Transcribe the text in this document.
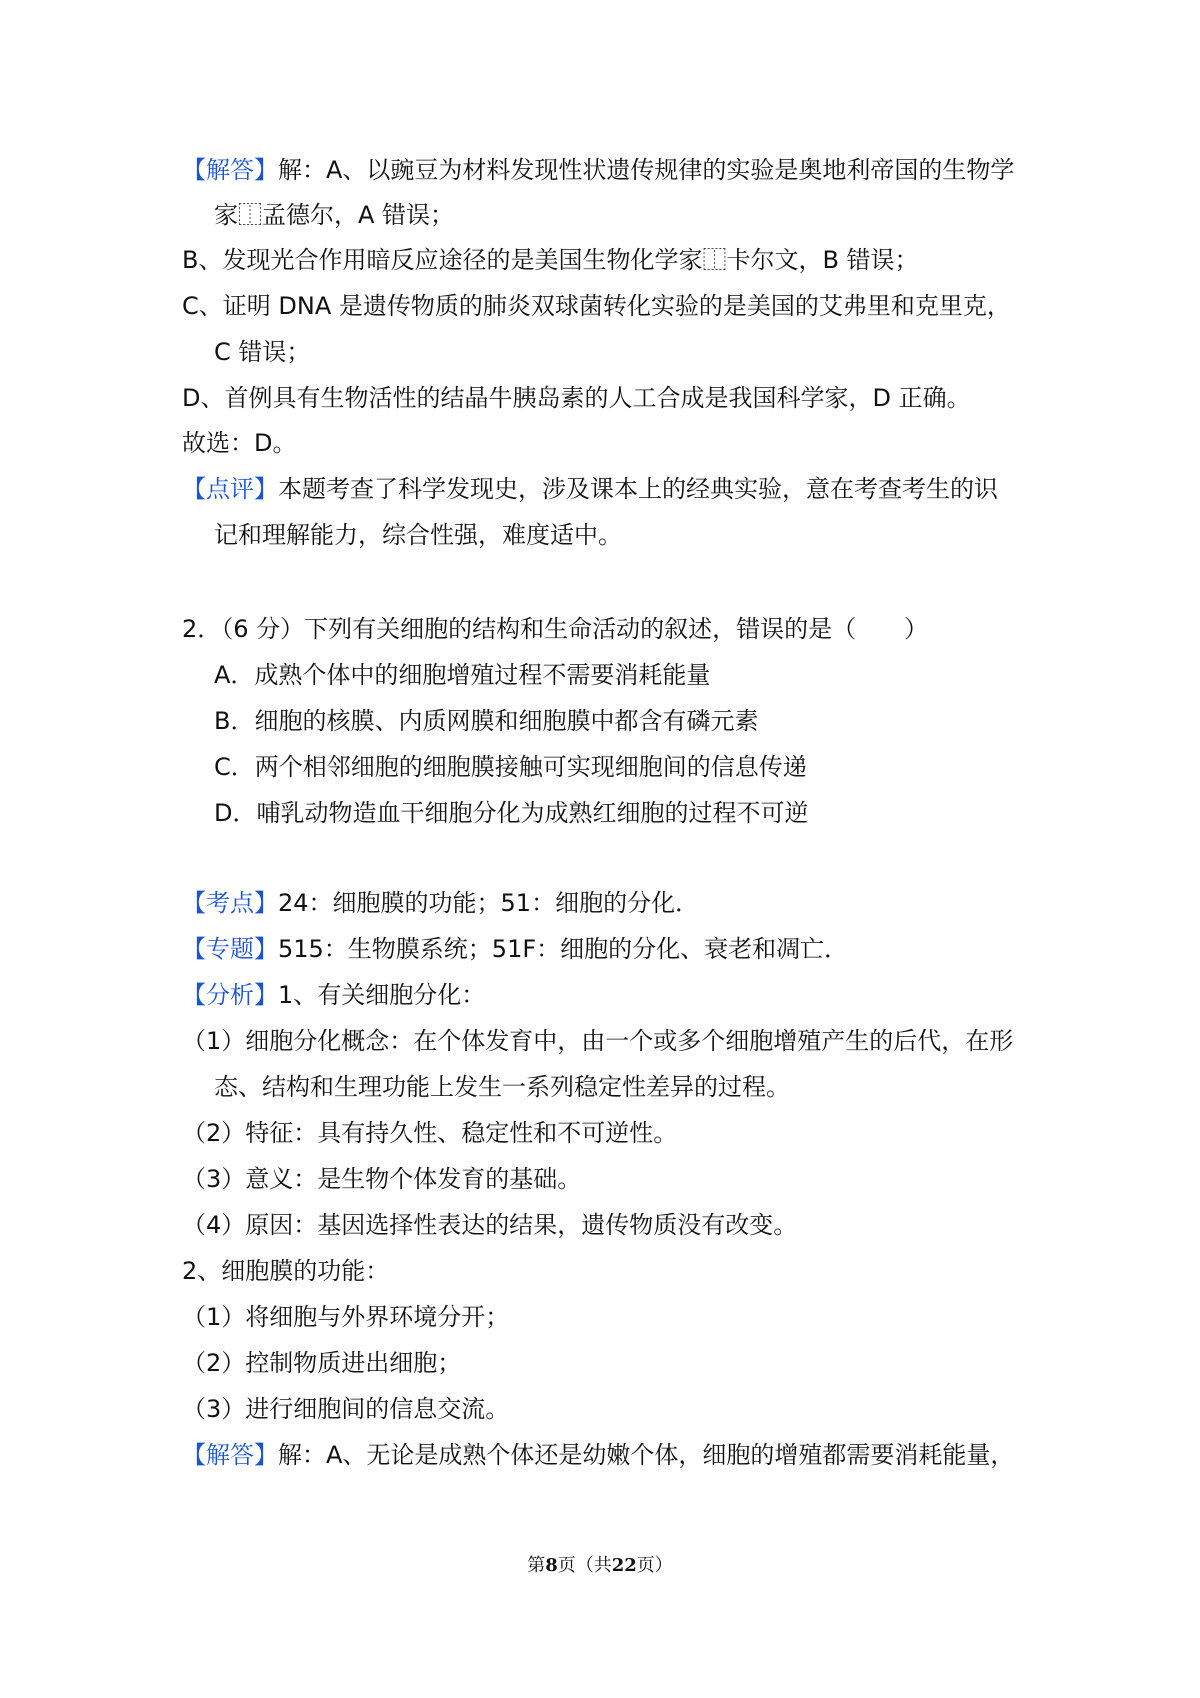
【解答】解：A、以豌豆为材料发现性状遗传规律的实验是奥地利帝国的生物学
家⿰孟德尔，A 错误；
B、发现光合作用暗反应途径的是美国生物化学家⿰卡尔文，B 错误；
C、证明 DNA 是遗传物质的肺炎双球菌转化实验的是美国的艾弗里和克里克，
C 错误；
D、首例具有生物活性的结晶牛胰岛素的人工合成是我国科学家，D 正确。
故选：D。
【点评】本题考查了科学发现史，涉及课本上的经典实验，意在考查考生的识
记和理解能力，综合性强，难度适中。
2．（6 分）下列有关细胞的结构和生命活动的叙述，错误的是（　　）
A．成熟个体中的细胞增殖过程不需要消耗能量
B．细胞的核膜、内质网膜和细胞膜中都含有磷元素
C．两个相邻细胞的细胞膜接触可实现细胞间的信息传递
D．哺乳动物造血干细胞分化为成熟红细胞的过程不可逆
【考点】24：细胞膜的功能；51：细胞的分化．
【专题】515：生物膜系统；51F：细胞的分化、衰老和凋亡．
【分析】1、有关细胞分化：
（1）细胞分化概念：在个体发育中，由一个或多个细胞增殖产生的后代，在形
态、结构和生理功能上发生一系列稳定性差异的过程。
（2）特征：具有持久性、稳定性和不可逆性。
（3）意义：是生物个体发育的基础。
（4）原因：基因选择性表达的结果，遗传物质没有改变。
2、细胞膜的功能：
（1）将细胞与外界环境分开；
（2）控制物质进出细胞；
（3）进行细胞间的信息交流。
【解答】解：A、无论是成熟个体还是幼嫩个体，细胞的增殖都需要消耗能量，
第8页（共22页）
